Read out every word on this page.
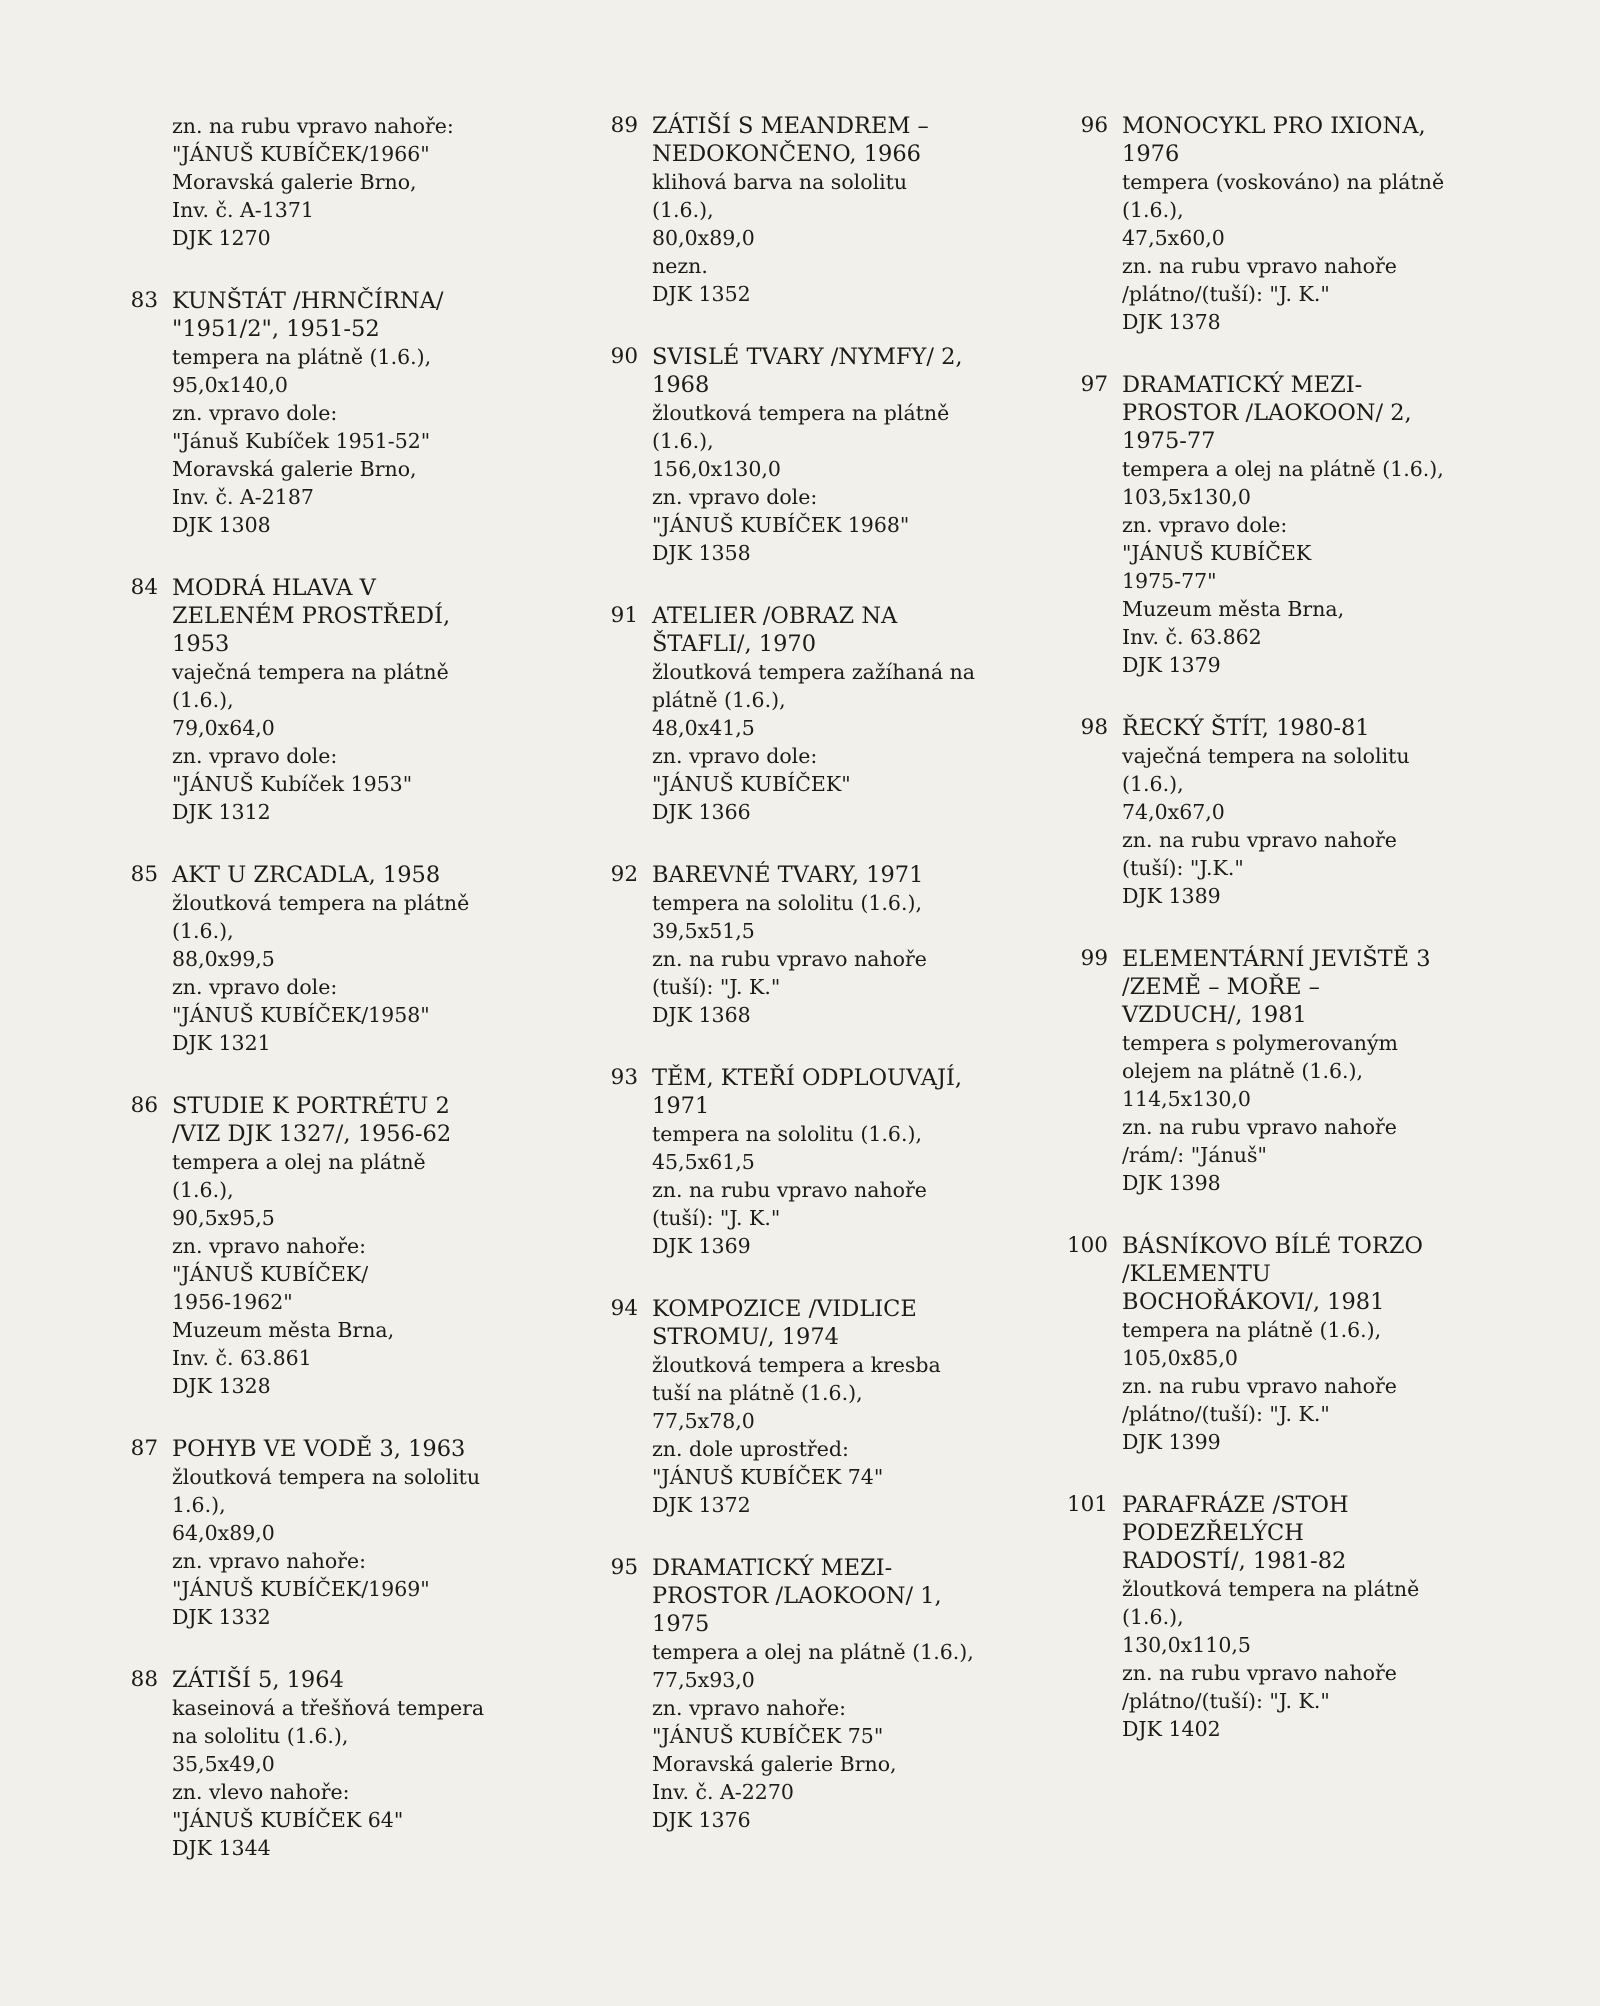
zn. na rubu vpravo nahoře:
"JÁNUŠ KUBÍČEK/1966"
Moravská galerie Brno,
Inv. č. A-1371
DJK 1270
83 KUNŠTÁT /HRNČÍRNA/
"1951/2", 1951-52
tempera na plátně (1.6.),
95,0x140,0
zn. vpravo dole:
"Jánuš Kubíček 1951-52"
Moravská galerie Brno,
Inv. č. A-2187
DJK 1308
84 MODRÁ HLAVA V
ZELENÉM PROSTŘEDÍ,
1953
vaječná tempera na plátně
(1.6.),
79,0x64,0
zn. vpravo dole:
"JÁNUŠ Kubíček 1953"
DJK 1312
85 AKT U ZRCADLA, 1958
žloutková tempera na plátně
(1.6.),
88,0x99,5
zn. vpravo dole:
"JÁNUŠ KUBÍČEK/1958"
DJK 1321
86 STUDIE K PORTRÉTU 2
/VIZ DJK 1327/, 1956-62
tempera a olej na plátně
(1.6.),
90,5x95,5
zn. vpravo nahoře:
"JÁNUŠ KUBÍČEK/
1956-1962"
Muzeum města Brna,
Inv. č. 63.861
DJK 1328
87 POHYB VE VODĚ 3, 1963
žloutková tempera na sololitu
1.6.),
64,0x89,0
zn. vpravo nahoře:
"JÁNUŠ KUBÍČEK/1969"
DJK 1332
88 ZÁTIŠÍ 5, 1964
kaseinová a třešňová tempera
na sololitu (1.6.),
35,5x49,0
zn. vlevo nahoře:
"JÁNUŠ KUBÍČEK 64"
DJK 1344
89 ZÁTIŠÍ S MEANDREM –
NEDOKONČENO, 1966
klihová barva na sololitu
(1.6.),
80,0x89,0
nezn.
DJK 1352
90 SVISLÉ TVARY /NYMFY/ 2,
1968
žloutková tempera na plátně
(1.6.),
156,0x130,0
zn. vpravo dole:
"JÁNUŠ KUBÍČEK 1968"
DJK 1358
91 ATELIER /OBRAZ NA
ŠTAFLI/, 1970
žloutková tempera zažíhaná na
plátně (1.6.),
48,0x41,5
zn. vpravo dole:
"JÁNUŠ KUBÍČEK"
DJK 1366
92 BAREVNÉ TVARY, 1971
tempera na sololitu (1.6.),
39,5x51,5
zn. na rubu vpravo nahoře
(tuší): "J. K."
DJK 1368
93 TĚM, KTEŘÍ ODPLOUVAJÍ,
1971
tempera na sololitu (1.6.),
45,5x61,5
zn. na rubu vpravo nahoře
(tuší): "J. K."
DJK 1369
94 KOMPOZICE /VIDLICE
STROMU/, 1974
žloutková tempera a kresba
tuší na plátně (1.6.),
77,5x78,0
zn. dole uprostřed:
"JÁNUŠ KUBÍČEK 74"
DJK 1372
95 DRAMATICKÝ MEZI-
PROSTOR /LAOKOON/ 1,
1975
tempera a olej na plátně (1.6.),
77,5x93,0
zn. vpravo nahoře:
"JÁNUŠ KUBÍČEK 75"
Moravská galerie Brno,
Inv. č. A-2270
DJK 1376
96 MONOCYKL PRO IXIONA,
1976
tempera (voskováno) na plátně
(1.6.),
47,5x60,0
zn. na rubu vpravo nahoře
/plátno/(tuší): "J. K."
DJK 1378
97 DRAMATICKÝ MEZI-
PROSTOR /LAOKOON/ 2,
1975-77
tempera a olej na plátně (1.6.),
103,5x130,0
zn. vpravo dole:
"JÁNUŠ KUBÍČEK
1975-77"
Muzeum města Brna,
Inv. č. 63.862
DJK 1379
98 ŘECKÝ ŠTÍT, 1980-81
vaječná tempera na sololitu
(1.6.),
74,0x67,0
zn. na rubu vpravo nahoře
(tuší): "J.K."
DJK 1389
99 ELEMENTÁRNÍ JEVIŠTĚ 3
/ZEMĚ – MOŘE –
VZDUCH/, 1981
tempera s polymerovaným
olejem na plátně (1.6.),
114,5x130,0
zn. na rubu vpravo nahoře
/rám/: "Jánuš"
DJK 1398
100 BÁSNÍKOVO BÍLÉ TORZO
/KLEMENTU
BOCHOŘÁKOVI/, 1981
tempera na plátně (1.6.),
105,0x85,0
zn. na rubu vpravo nahoře
/plátno/(tuší): "J. K."
DJK 1399
101 PARAFRÁZE /STOH
PODEZŘELÝCH
RADOSTÍ/, 1981-82
žloutková tempera na plátně
(1.6.),
130,0x110,5
zn. na rubu vpravo nahoře
/plátno/(tuší): "J. K."
DJK 1402
